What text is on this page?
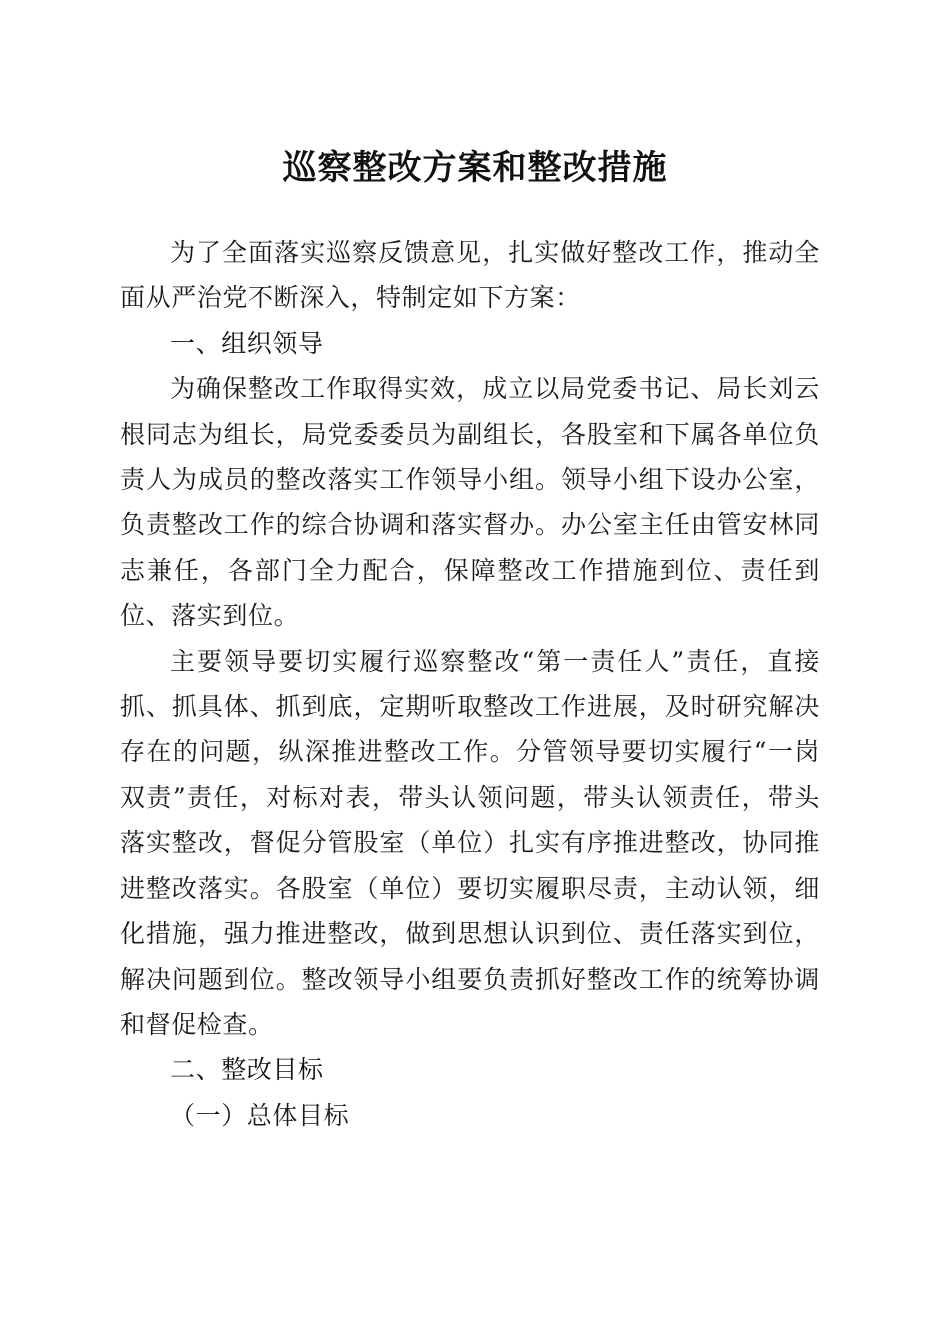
巡察整改方案和整改措施

为了全面落实巡察反馈意见，扎实做好整改工作，推动全面从严治党不断深入，特制定如下方案：

一、组织领导

为确保整改工作取得实效，成立以局党委书记、局长刘云根同志为组长，局党委委员为副组长，各股室和下属各单位负责人为成员的整改落实工作领导小组。领导小组下设办公室，负责整改工作的综合协调和落实督办。办公室主任由管安林同志兼任，各部门全力配合，保障整改工作措施到位、责任到位、落实到位。

主要领导要切实履行巡察整改“第一责任人”责任，直接抓、抓具体、抓到底，定期听取整改工作进展，及时研究解决存在的问题，纵深推进整改工作。分管领导要切实履行“一岗双责”责任，对标对表，带头认领问题，带头认领责任，带头落实整改，督促分管股室（单位）扎实有序推进整改，协同推进整改落实。各股室（单位）要切实履职尽责，主动认领，细化措施，强力推进整改，做到思想认识到位、责任落实到位，解决问题到位。整改领导小组要负责抓好整改工作的统筹协调和督促检查。

二、整改目标

（一）总体目标
